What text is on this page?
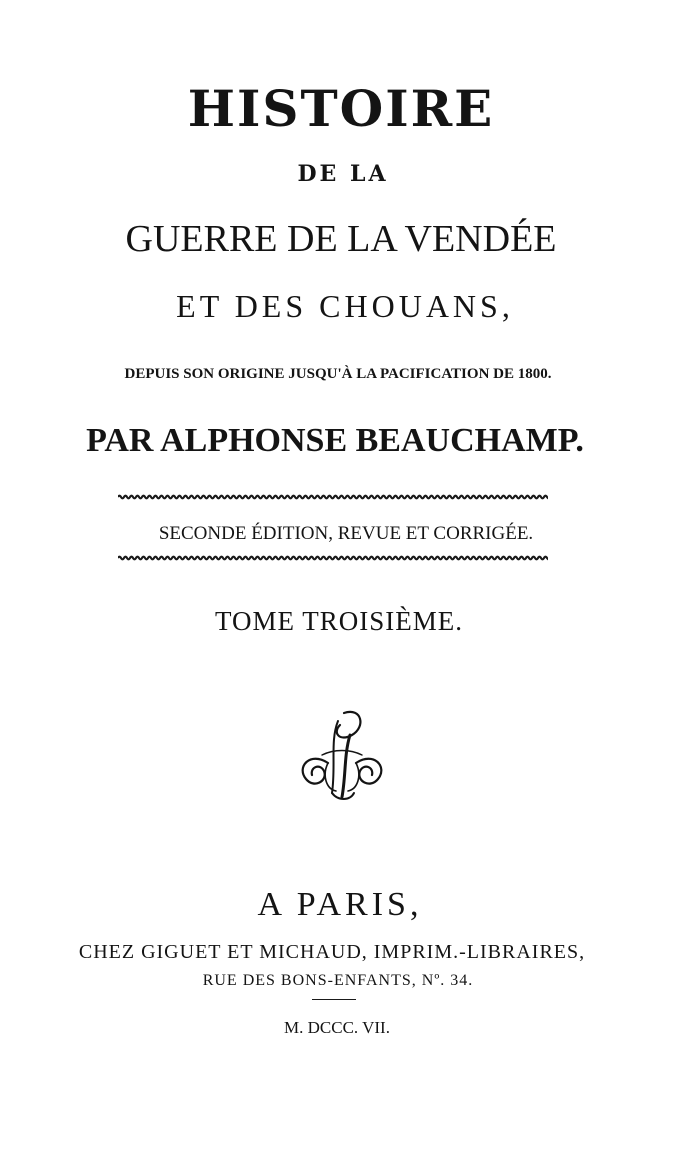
HISTOIRE

DE LA

GUERRE DE LA VENDÉE

ET DES CHOUANS,

DEPUIS SON ORIGINE JUSQU'À LA PACIFICATION DE 1800.

PAR ALPHONSE BEAUCHAMP.

SECONDE ÉDITION, REVUE ET CORRIGÉE.

TOME TROISIÈME.

A PARIS,

CHEZ GIGUET ET MICHAUD, IMPRIM.-LIBRAIRES,

RUE DES BONS-ENFANTS, Nº. 34.

M. DCCC. VII.
